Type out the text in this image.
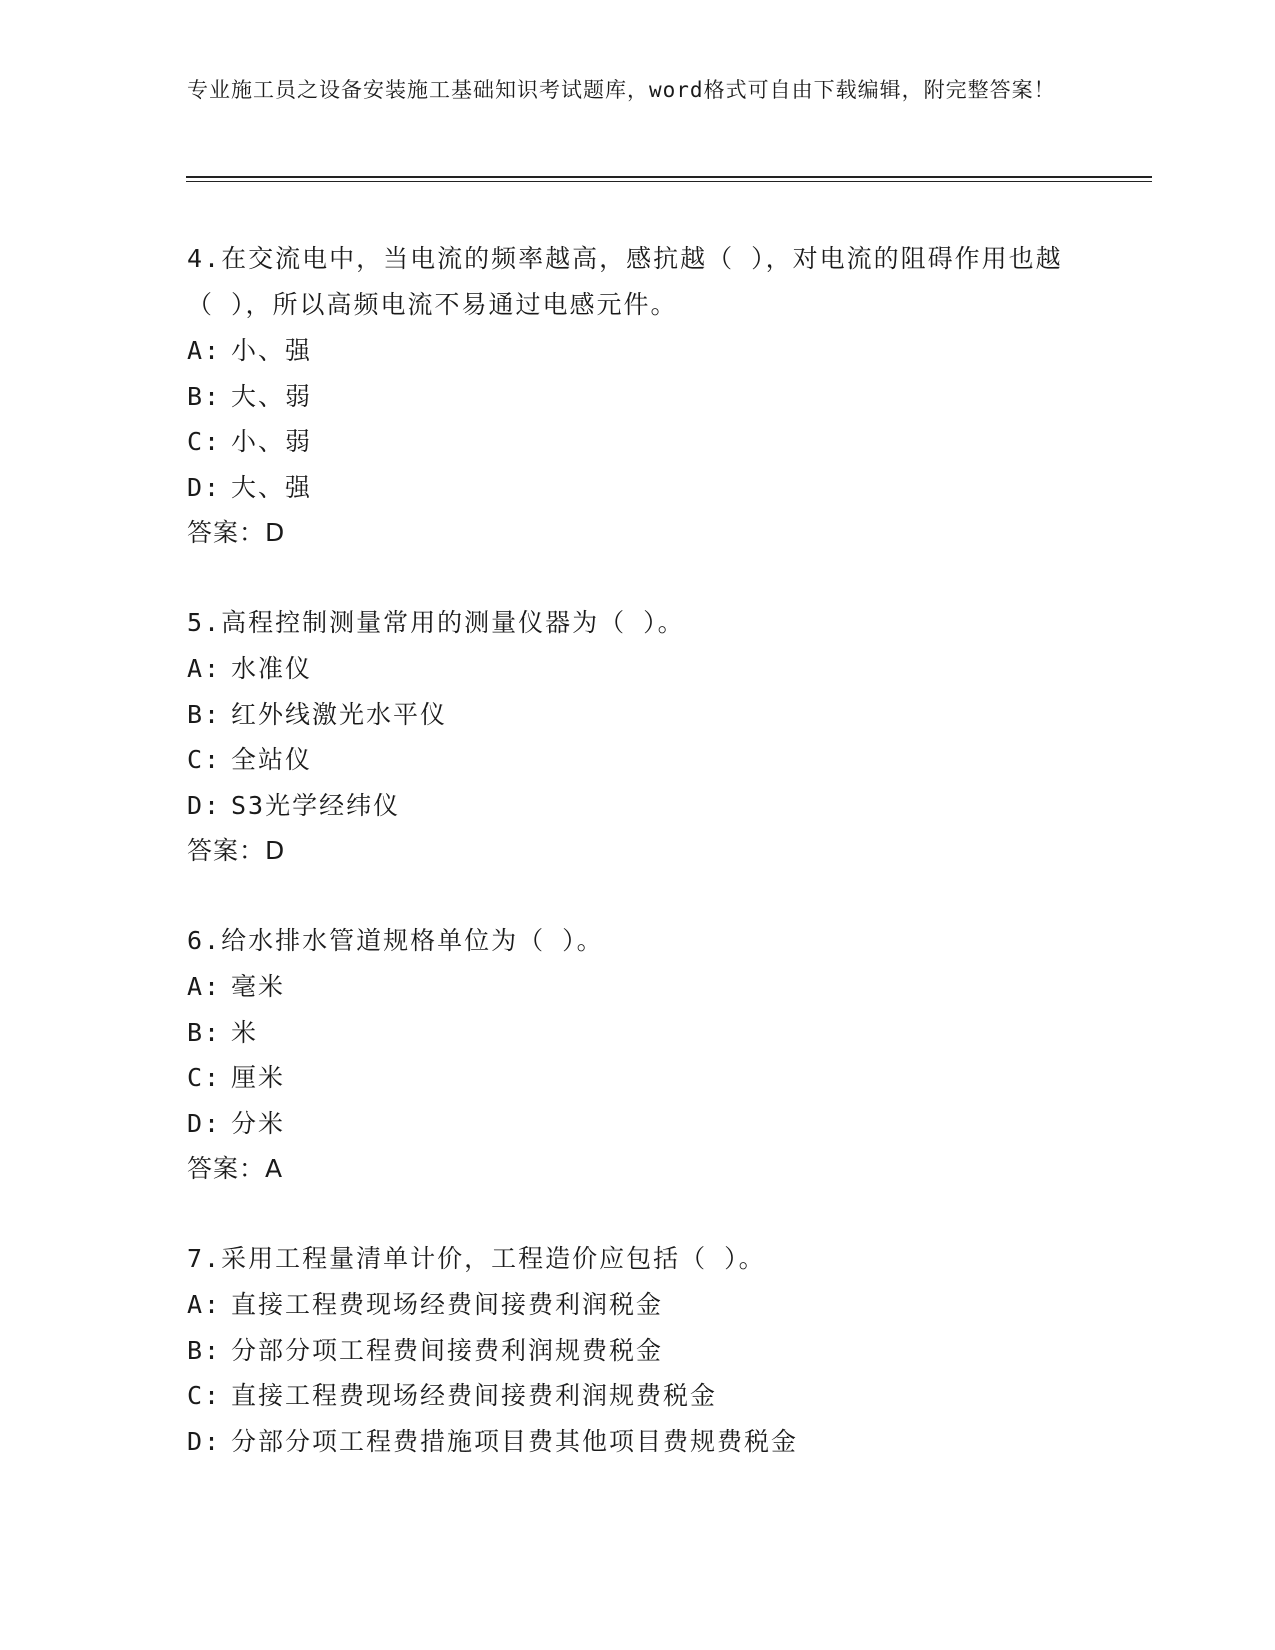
专业施工员之设备安装施工基础知识考试题库，word格式可自由下载编辑，附完整答案！
4.在交流电中，当电流的频率越高，感抗越（ ），对电流的阻碍作用也越（ ），所以高频电流不易通过电感元件。
A: 小、强
B: 大、弱
C: 小、弱
D: 大、强
答案：D
5.高程控制测量常用的测量仪器为（ ）。
A: 水准仪
B: 红外线激光水平仪
C: 全站仪
D: S3光学经纬仪
答案：D
6.给水排水管道规格单位为（ ）。
A: 毫米
B: 米
C: 厘米
D: 分米
答案：A
7.采用工程量清单计价，工程造价应包括（ ）。
A: 直接工程费现场经费间接费利润税金
B: 分部分项工程费间接费利润规费税金
C: 直接工程费现场经费间接费利润规费税金
D: 分部分项工程费措施项目费其他项目费规费税金
